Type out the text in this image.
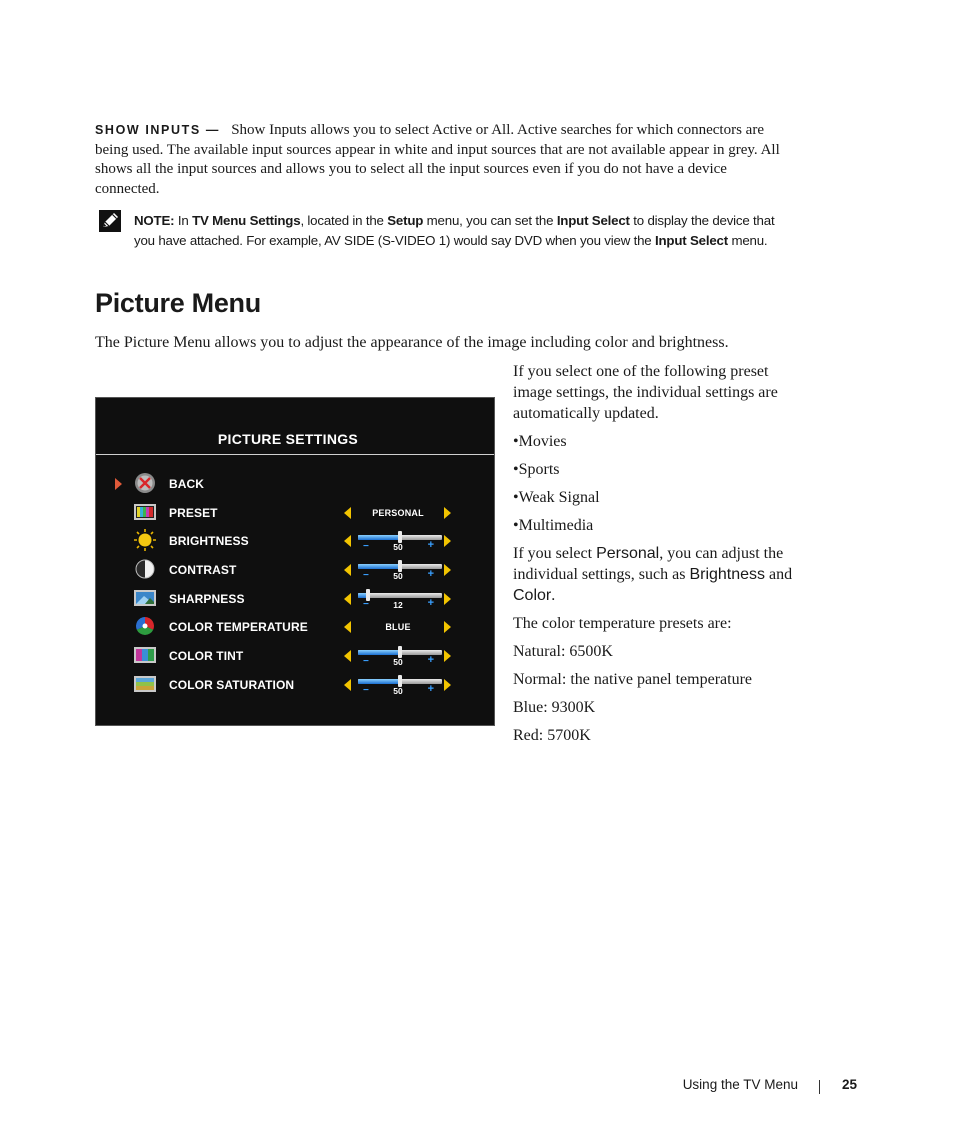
SHOW INPUTS — Show Inputs allows you to select Active or All. Active searches for which connectors are being used. The available input sources appear in white and input sources that are not available appear in grey. All shows all the input sources and allows you to select all the input sources even if you do not have a device connected.

NOTE: In TV Menu Settings, located in the Setup menu, you can set the Input Select to display the device that you have attached. For example, AV SIDE (S-VIDEO 1) would say DVD when you view the Input Select menu.

Picture Menu

The Picture Menu allows you to adjust the appearance of the image including color and brightness.

PICTURE SETTINGS
BACK
PRESET	PERSONAL
BRIGHTNESS	−	50	+
CONTRAST	−	50	+
SHARPNESS	−	12	+
COLOR TEMPERATURE	BLUE
COLOR TINT	−	50	+
COLOR SATURATION	−	50	+

If you select one of the following preset image settings, the individual settings are automatically updated.

•Movies

•Sports

•Weak Signal

•Multimedia

If you select Personal, you can adjust the individual settings, such as Brightness and Color.

The color temperature presets are:

Natural: 6500K

Normal: the native panel temperature

Blue: 9300K

Red: 5700K

Using the TV Menu	25
